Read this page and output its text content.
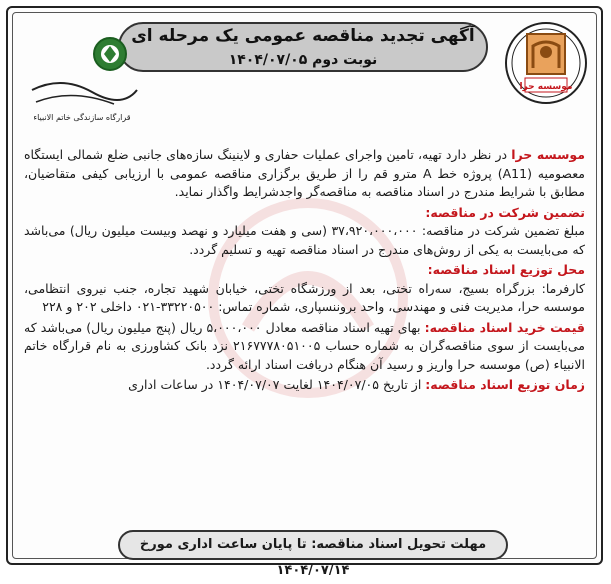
آگهی تجدید مناقصه عمومی یک مرحله ای
نوبت دوم ۱۴۰۴/۰۷/۰۵
موسسه حرا
قرارگاه سازندگی خاتم الانبیاء

موسسه حرا در نظر دارد تهیه، تامین واجرای عملیات حفاری و لاینینگ سازه‌های جانبی ضلع شمالی ایستگاه معصومیه (A11) پروژه خط A مترو قم را از طریق برگزاری مناقصه عمومی با ارزیابی کیفی متقاضیان، مطابق با شرایط مندرج در اسناد مناقصه به مناقصه‌گر واجدشرایط واگذار نماید.

تضمین شرکت در مناقصه:
مبلغ تضمین شرکت در مناقصه: ۳۷،۹۲۰،۰۰۰،۰۰۰ (سی و هفت میلیارد و نهصد وبیست میلیون ریال) می‌باشد که می‌بایست به یکی از روش‌های مندرج در اسناد مناقصه تهیه و تسلیم گردد.

محل توزیع اسناد مناقصه:
کارفرما: بزرگراه بسیج، سه‌راه تختی، بعد از ورزشگاه تختی، خیابان شهید تجاره، جنب نیروی انتظامی، موسسه حرا، مدیریت فنی و مهندسی، واحد بروننسپاری، شماره تماس: ۳۳۲۲۰۵۰۰-۰۲۱ داخلی ۲۰۲ و ۲۲۸

قیمت خرید اسناد مناقصه: بهای تهیه اسناد مناقصه معادل ۵،۰۰۰،۰۰۰ ریال (پنج میلیون ریال) می‌باشد که می‌بایست از سوی مناقصه‌گران به شماره حساب ۲۱۶۷۷۷۸۰۵۱۰۰۵ نزد بانک کشاورزی به نام قرارگاه خاتم الانبیاء (ص) موسسه حرا واریز و رسید آن هنگام دریافت اسناد ارائه گردد.

زمان توزیع اسناد مناقصه: از تاریخ ۱۴۰۴/۰۷/۰۵ لغایت ۱۴۰۴/۰۷/۰۷ در ساعات اداری

مهلت تحویل اسناد مناقصه: تا پایان ساعت اداری مورخ ۱۴۰۴/۰۷/۱۴
